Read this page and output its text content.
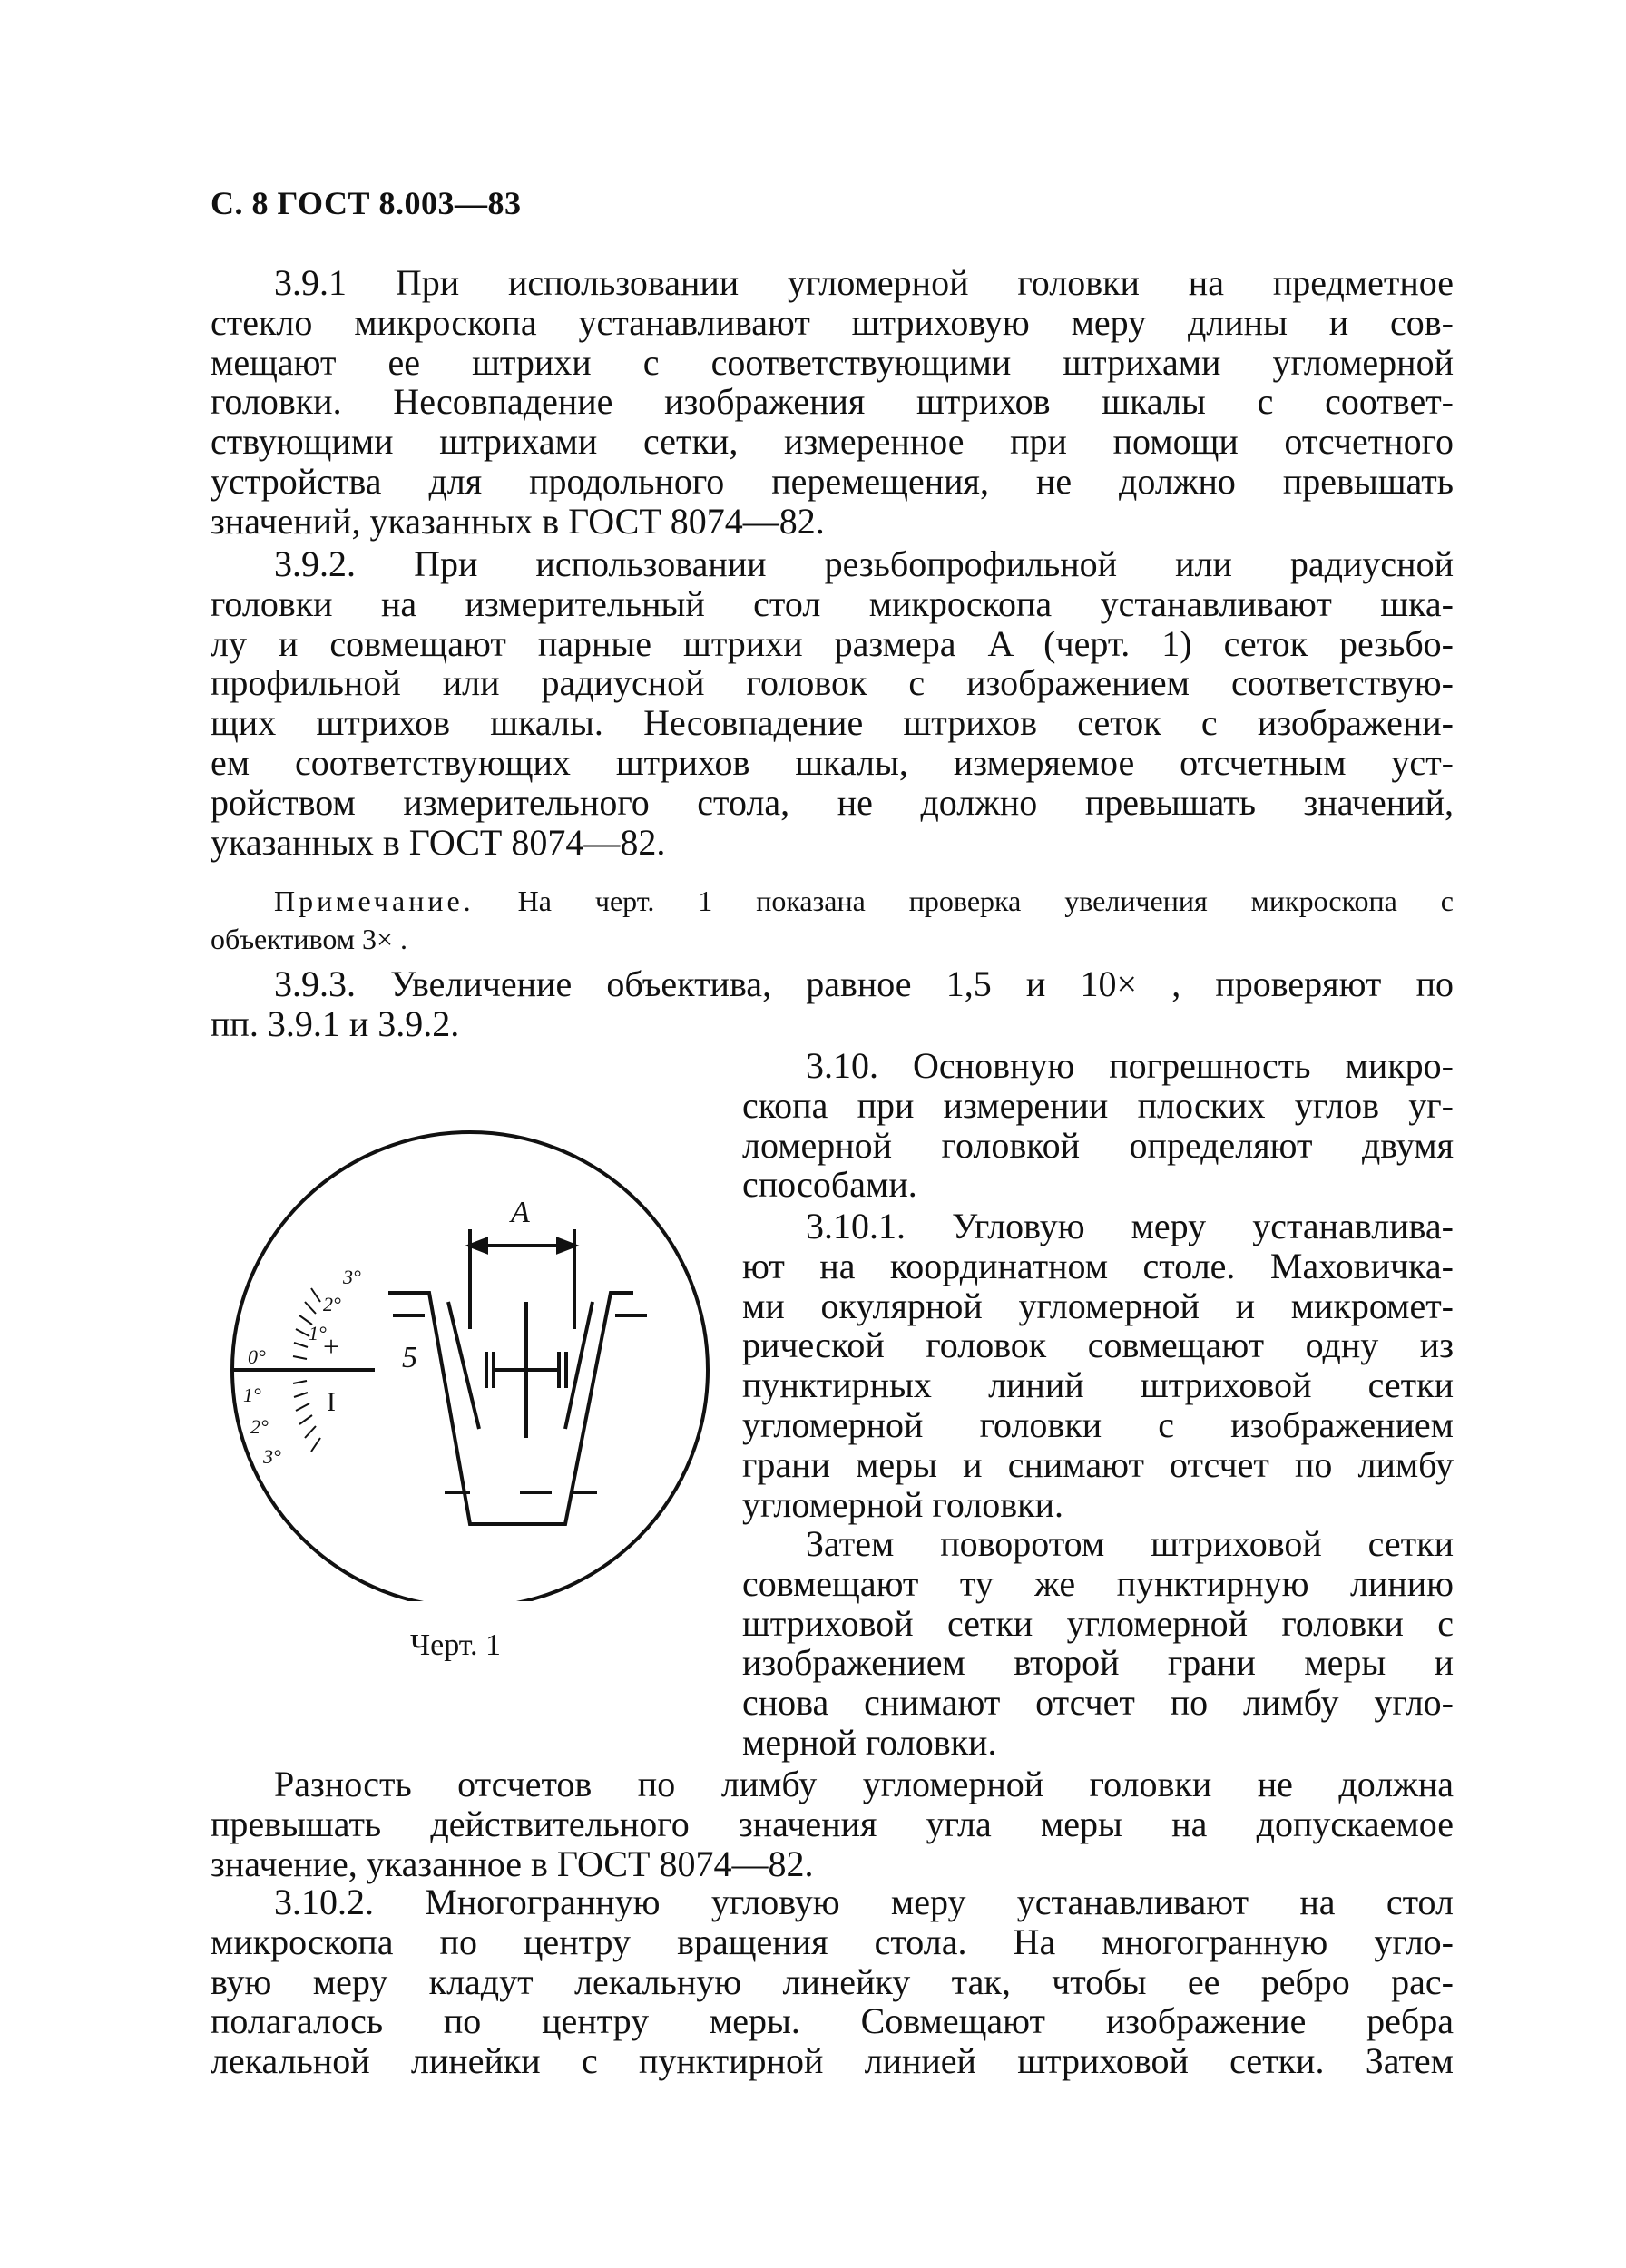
С. 8 ГОСТ 8.003—83
3.9.1 При использовании угломерной головки на предметное
стекло микроскопа устанавливают штриховую меру длины и сов-
мещают ее штрихи с соответствующими штрихами угломерной
головки. Несовпадение изображения штрихов шкалы с соответ-
ствующими штрихами сетки, измеренное при помощи отсчетного
устройства для продольного перемещения, не должно превышать
значений, указанных в ГОСТ 8074—82.
3.9.2. При использовании резьбопрофильной или радиусной
головки на измерительный стол микроскопа устанавливают шка-
лу и совмещают парные штрихи размера A (черт. 1) сеток резьбо-
профильной или радиусной головок с изображением соответствую-
щих штрихов шкалы. Несовпадение штрихов сеток с изображени-
ем соответствующих штрихов шкалы, измеряемое отсчетным уст-
ройством измерительного стола, не должно превышать значений,
указанных в ГОСТ 8074—82.
Примечание. На черт. 1 показана проверка увеличения микроскопа с
объективом 3× .
3.9.3. Увеличение объектива, равное 1,5 и 10× , проверяют по
пп. 3.9.1 и 3.9.2.
3.10. Основную погрешность микро-
скопа при измерении плоских углов уг-
ломерной головкой определяют двумя
способами.
3.10.1. Угловую меру устанавлива-
ют на координатном столе. Маховичка-
ми окулярной угломерной и микромет-
рической головок совмещают одну из
пунктирных линий штриховой сетки
угломерной головки с изображением
грани меры и снимают отсчет по лимбу
угломерной головки.
Затем поворотом штриховой сетки
совмещают ту же пунктирную линию
штриховой сетки угломерной головки с
изображением второй грани меры и
снова снимают отсчет по лимбу угло-
мерной головки.
Разность отсчетов по лимбу угломерной головки не должна
превышать действительного значения угла меры на допускаемое
значение, указанное в ГОСТ 8074—82.
3.10.2. Многогранную угловую меру устанавливают на стол
микроскопа по центру вращения стола. На многогранную угло-
вую меру кладут лекальную линейку так, чтобы ее ребро рас-
полагалось по центру меры. Совмещают изображение ребра
лекальной линейки с пунктирной линией штриховой сетки. Затем
3°
2°
1°
0°
1°
2°
3°
A
5
+
I
Черт. 1
